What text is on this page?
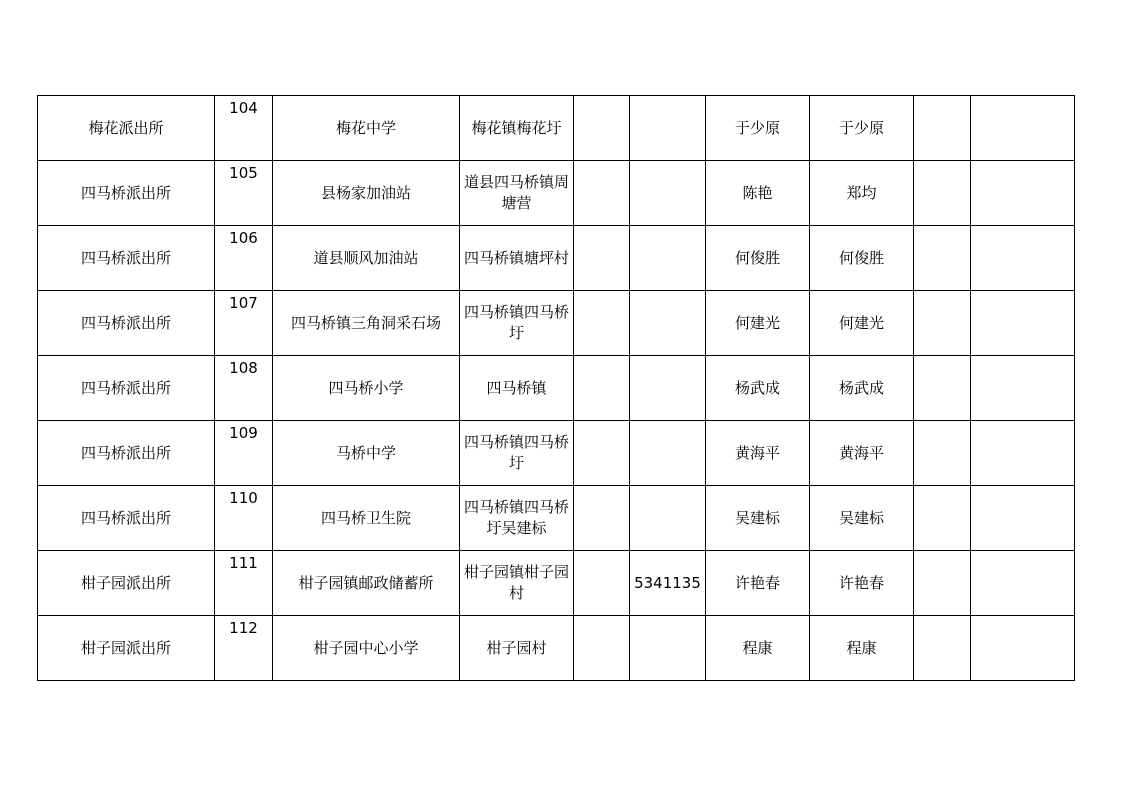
梅花派出所	104	梅花中学	梅花镇梅花圩			于少原	于少原		
四马桥派出所	105	县杨家加油站	道县四马桥镇周塘营			陈艳	郑均		
四马桥派出所	106	道县顺风加油站	四马桥镇塘坪村			何俊胜	何俊胜		
四马桥派出所	107	四马桥镇三角洞采石场	四马桥镇四马桥圩			何建光	何建光		
四马桥派出所	108	四马桥小学	四马桥镇			杨武成	杨武成		
四马桥派出所	109	马桥中学	四马桥镇四马桥圩			黄海平	黄海平		
四马桥派出所	110	四马桥卫生院	四马桥镇四马桥圩吴建标			吴建标	吴建标		
柑子园派出所	111	柑子园镇邮政储蓄所	柑子园镇柑子园村		5341135	许艳春	许艳春		
柑子园派出所	112	柑子园中心小学	柑子园村			程康	程康		
